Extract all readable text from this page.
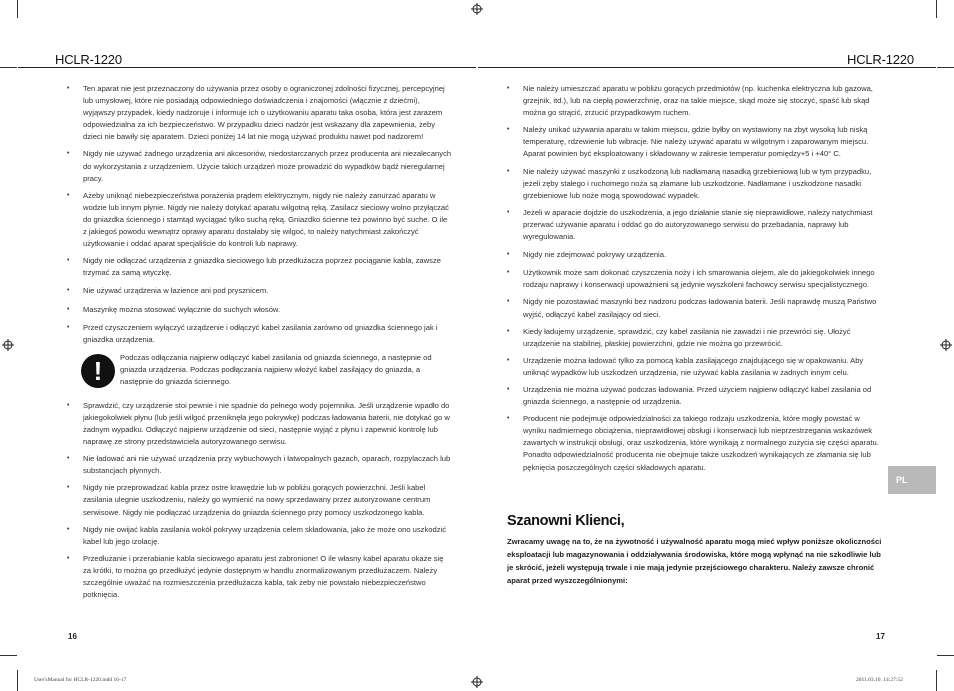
HCLR-1220	HCLR-1220

• Ten aparat nie jest przeznaczony do używania przez osoby o ograniczonej zdolności fizycznej, percepcyjnej lub umysłowej, które nie posiadają odpowiedniego doświadczenia i znajomości (włącznie z dziećmi), wyjąwszy przypadek, kiedy nadzoruje i informuje ich o użytkowaniu aparatu taka osoba, która jest zarazem odpowiedzialna za ich bezpieczeństwo. W przypadku dzieci nadzór jest wskazany dla zapewnienia, żeby dzieci nie bawiły się aparatem. Dzieci poniżej 14 lat nie mogą używać produktu nawet pod nadzorem!

• Nigdy nie używać żadnego urządzenia ani akcesoriów, niedostarczanych przez producenta ani niezalecanych do wykorzystania z urządzeniem. Użycie takich urządzeń może prowadzić do wypadków bądź nieregularnej pracy.

• Ażeby uniknąć niebezpieczeństwa porażenia prądem elektrycznym, nigdy nie należy zanurzać aparatu w wodzie lub innym płynie. Nigdy nie należy dotykać aparatu wilgotną ręką. Zasilacz sieciowy wolno przyłączać do gniazdka ściennego i stamtąd wyciągać tylko suchą ręką. Gniazdko ścienne też powinno być suche. O ile z jakiegoś powodu wewnątrz oprawy aparatu dostałaby się wilgoć, to należy natychmiast zakończyć użytkowanie i oddać aparat specjaliście do kontroli lub naprawy.

• Nigdy nie odłączać urządzenia z gniazdka sieciowego lub przedłużacza poprzez pociąganie kabla, zawsze trzymać za samą wtyczkę.

• Nie używać urządzenia w łazience ani pod prysznicem.

• Maszynkę można stosować wyłącznie do suchych włosów.

• Przed czyszczeniem wyłączyć urządzenie i odłączyć kabel zasilania zarówno od gniazdka ściennego jak i gniazdka urządzenia.

!	Podczas odłączania najpierw odłączyć kabel zasilania od gniazda ściennego, a następnie od gniazda urządzenia. Podczas podłączania najpierw włożyć kabel zasilający do gniazda, a następnie do gniazda ściennego.

• Sprawdzić, czy urządzenie stoi pewnie i nie spadnie do pełnego wody pojemnika. Jeśli urządzenie wpadło do jakiegokolwiek płynu (lub jeśli wilgoć przeniknęła jego pokrywkę) podczas ładowania baterii, nie dotykać go w żadnym wypadku. Odłączyć najpierw urządzenie od sieci, następnie wyjąć z płynu i zapewnić kontrolę lub naprawę ze strony przedstawiciela autoryzowanego serwisu.

• Nie ładować ani nie używać urządzenia przy wybuchowych i łatwopalnych gazach, oparach, rozpylaczach lub substancjach płynnych.

• Nigdy nie przeprowadzać kabla przez ostre krawędzie lub w pobliżu gorących powierzchni. Jeśli kabel zasilania ulegnie uszkodzeniu, należy go wymienić na nowy sprzedawany przez autoryzowane centrum serwisowe. Nigdy nie podłączać urządzenia do gniazda ściennego przy pomocy uszkodzonego kabla.

• Nigdy nie owijać kabla zasilania wokół pokrywy urządzenia celem składowania, jako że może ono uszkodzić kabel lub jego izolację.

• Przedłużanie i przerabianie kabla sieciowego aparatu jest zabronione! O ile własny kabel aparatu okaże się za krótki, to można go przedłużyć jedynie dostępnym w handlu znormalizowanym przedłużaczem. Należy szczególnie uważać na rozmieszczenia przedłużacza kabla, tak żeby nie powstało niebezpieczeństwo potknięcia.

• Nie należy umieszczać aparatu w pobliżu gorących przedmiotów (np. kuchenka elektryczna lub gazowa, grzejnik, itd.), lub na ciepłą powierzchnię, oraz na takie miejsce, skąd może się stoczyć, spaść lub skąd można go strącić, zrzucić przypadkowym ruchem.

• Należy unikać używania aparatu w takim miejscu, gdzie byłby on wystawiony na zbyt wysoką lub niską temperaturę, rdzewienie lub wibracje. Nie należy używać aparatu w wilgotnym i zaparowanym miejscu. Aparat powinien być eksploatowany i składowany w zakresie temperatur pomiędzy+5 i +40° C.

• Nie należy używać maszynki z uszkodzoną lub nadłamaną nasadką grzebieniową lub w tym przypadku, jeżeli zęby stałego i ruchomego noża są złamane lub uszkodzone. Nadłamane i uszkodzone nasadki grzebieniowe lub noże mogą spowodować wypadek.

• Jeżeli w aparacie dojdzie do uszkodzenia, a jego działanie stanie się nieprawidłowe, należy natychmiast przerwać używanie aparatu i oddać go do autoryzowanego serwisu do przebadania, naprawy lub wyregulowania.

• Nigdy nie zdejmować pokrywy urządzenia.

• Użytkownik może sam dokonać czyszczenia noży i ich smarowania olejem, ale do jakiegokolwiek innego rodzaju naprawy i konserwacji upoważnieni są jedynie wyszkoleni fachowcy serwisu specjalistycznego.

• Nigdy nie pozostawiać maszynki bez nadzoru podczas ładowania baterii. Jeśli naprawdę muszą Państwo wyjść, odłączyć kabel zasilający od sieci.

• Kiedy ładujemy urządzenie, sprawdzić, czy kabel zasilania nie zawadzi i nie przewróci się. Ułożyć urządzenie na stabilnej, płaskiej powierzchni, gdzie nie można go przewrócić.

• Urządzenie można ładować tylko za pomocą kabla zasilającego znajdującego się w opakowaniu. Aby uniknąć wypadków lub uszkodzeń urządzenia, nie używać kabla zasilania w żadnych innym celu.

• Urządzenia nie można używać podczas ładowania. Przed użyciem najpierw odłączyć kabel zasilania od gniazda ściennego, a następnie od urządzenia.

• Producent nie podejmuje odpowiedzialności za takiego rodzaju uszkodzenia, które mogły powstać w wyniku nadmiernego obciążenia, nieprawidłowej obsługi i konserwacji lub nieprzestrzegania wskazówek zawartych w instrukcji obsługi, oraz uszkodzenia, które wynikają z normalnego zużycia się części aparatu. Ponadto odpowiedzialność producenta nie obejmuje także uszkodzeń wynikających ze złamania się lub pęknięcia poszczególnych części składowych aparatu.

Szanowni Klienci,
Zwracamy uwagę na to, że na żywotność i używalność aparatu mogą mieć wpływ poniższe okoliczności eksploatacji lub magazynowania i oddziaływania środowiska, które mogą wpłynąć na nie szkodliwie lub je skrócić, jeżeli występują trwale i nie mają jedynie przejściowego charakteru. Należy zawsze chronić aparat przed wyszczególnionymi:
PL
16	17
User'sManual for HCLR-1220.indd 16-17	2011.03.10. 14:27:52
